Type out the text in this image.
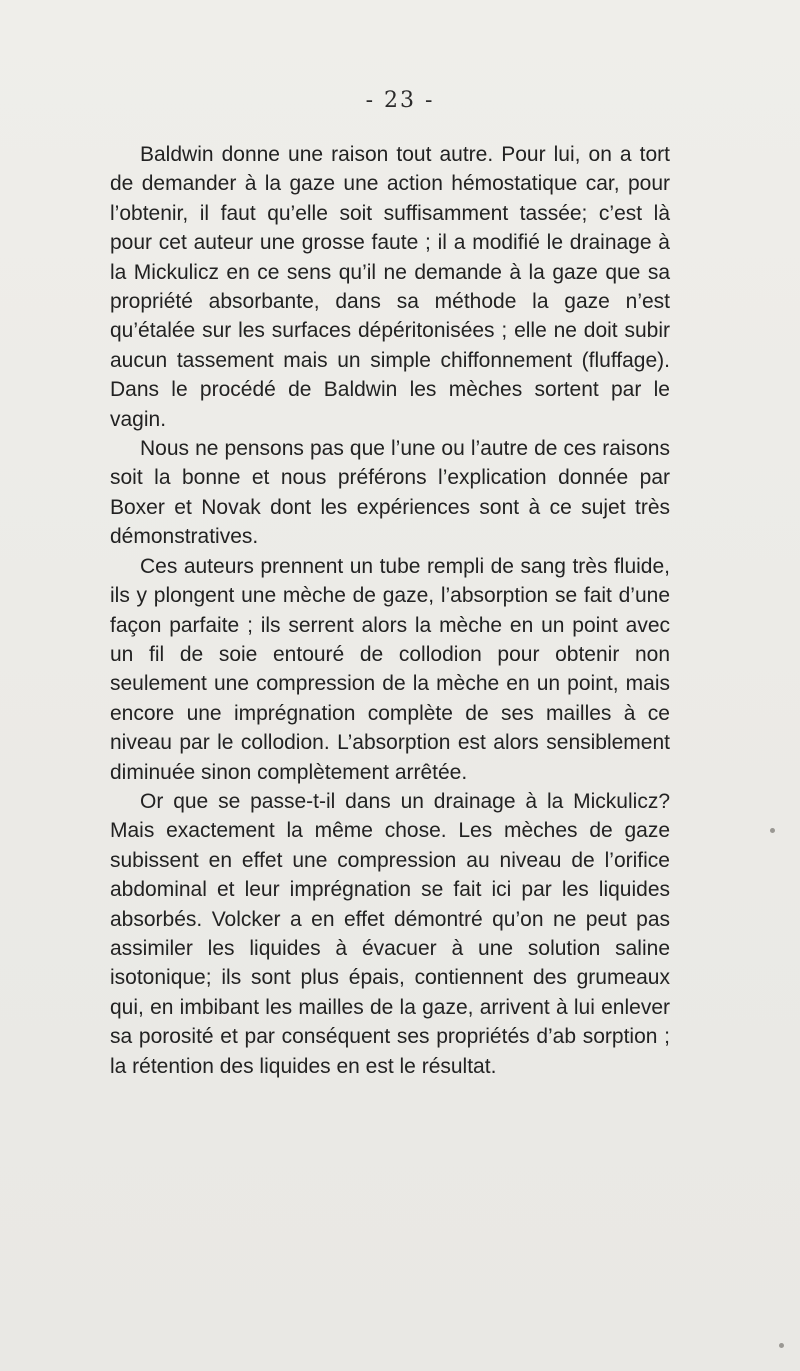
- 23 -

Baldwin donne une raison tout autre. Pour lui, on a tort de demander à la gaze une action hémostatique car, pour l’obtenir, il faut qu’elle soit suffisamment tassée; c’est là pour cet auteur une grosse faute ; il a modifié le drainage à la Mickulicz en ce sens qu’il ne demande à la gaze que sa propriété absorbante, dans sa méthode la gaze n’est qu’étalée sur les surfaces dépéritonisées ; elle ne doit subir aucun tassement mais un simple chiffonnement (fluffage). Dans le procédé de Baldwin les mèches sortent par le vagin.

Nous ne pensons pas que l’une ou l’autre de ces raisons soit la bonne et nous préférons l’explication donnée par Boxer et Novak dont les expériences sont à ce sujet très démonstratives.

Ces auteurs prennent un tube rempli de sang très fluide, ils y plongent une mèche de gaze, l’absorption se fait d’une façon parfaite ; ils serrent alors la mèche en un point avec un fil de soie entouré de collodion pour obtenir non seulement une compression de la mèche en un point, mais encore une imprégnation complète de ses mailles à ce niveau par le collodion. L’absorption est alors sensiblement diminuée sinon complètement arrêtée.

Or que se passe-t-il dans un drainage à la Mickulicz? Mais exactement la même chose. Les mèches de gaze subissent en effet une compression au niveau de l’orifice abdominal et leur imprégnation se fait ici par les liquides absorbés. Volcker a en effet démontré qu’on ne peut pas assimiler les liquides à évacuer à une solution saline isotonique; ils sont plus épais, contiennent des grumeaux qui, en imbibant les mailles de la gaze, arrivent à lui enlever sa porosité et par conséquent ses propriétés d’ab sorption ; la rétention des liquides en est le résultat.
